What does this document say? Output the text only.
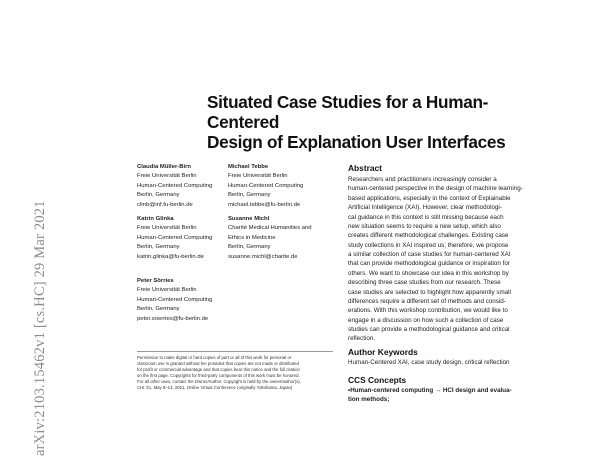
arXiv:2103.15462v1 [cs.HC] 29 Mar 2021
Situated Case Studies for a Human-Centered
Design of Explanation User Interfaces
Claudia Müller-Birn
Freie Universität Berlin
Human-Centered Computing
Berlin, Germany
clmb@inf.fu-berlin.de
Michael Tebbe
Freie Universität Berlin
Human-Centered Computing
Berlin, Germany
michael.tebbe@fu-berlin.de
Katrin Glinka
Freie Universität Berlin
Human-Centered Computing
Berlin, Germany
katrin.glinka@fu-berlin.de
Susanne Michl
Charité Medical Humanities and
Ethics in Medicine
Berlin, Germany
susanne.michl@charite.de
Peter Sörries
Freie Universität Berlin
Human-Centered Computing
Berlin, Germany
peter.soerries@fu-berlin.de
Permission to make digital or hard copies of part or all of this work for personal or
classroom use is granted without fee provided that copies are not made or distributed
for profit or commercial advantage and that copies bear this notice and the full citation
on the first page. Copyrights for third-party components of this work must be honored.
For all other uses, contact the Owner/Author. Copyright is held by the owner/author(s).
CHI '21, May 8–13, 2021, Online Virtual Conference (originally Yokohama, Japan)
Abstract
Researchers and practitioners increasingly consider a
human-centered perspective in the design of machine learning-
based applications, especially in the context of Explainable
Artificial Intelligence (XAI). However, clear methodologi-
cal guidance in this context is still missing because each
new situation seems to require a new setup, which also
creates different methodological challenges. Existing case
study collections in XAI inspired us; therefore, we propose
a similar collection of case studies for human-centered XAI
that can provide methodological guidance or inspiration for
others. We want to showcase our idea in this workshop by
describing three case studies from our research. These
case studies are selected to highlight how apparently small
differences require a different set of methods and consid-
erations. With this workshop contribution, we would like to
engage in a discussion on how such a collection of case
studies can provide a methodological guidance and critical
reflection.
Author Keywords
Human-Centered XAI, case study design, critical reflection
CCS Concepts
•Human-centered computing → HCI design and evalua-
tion methods;
